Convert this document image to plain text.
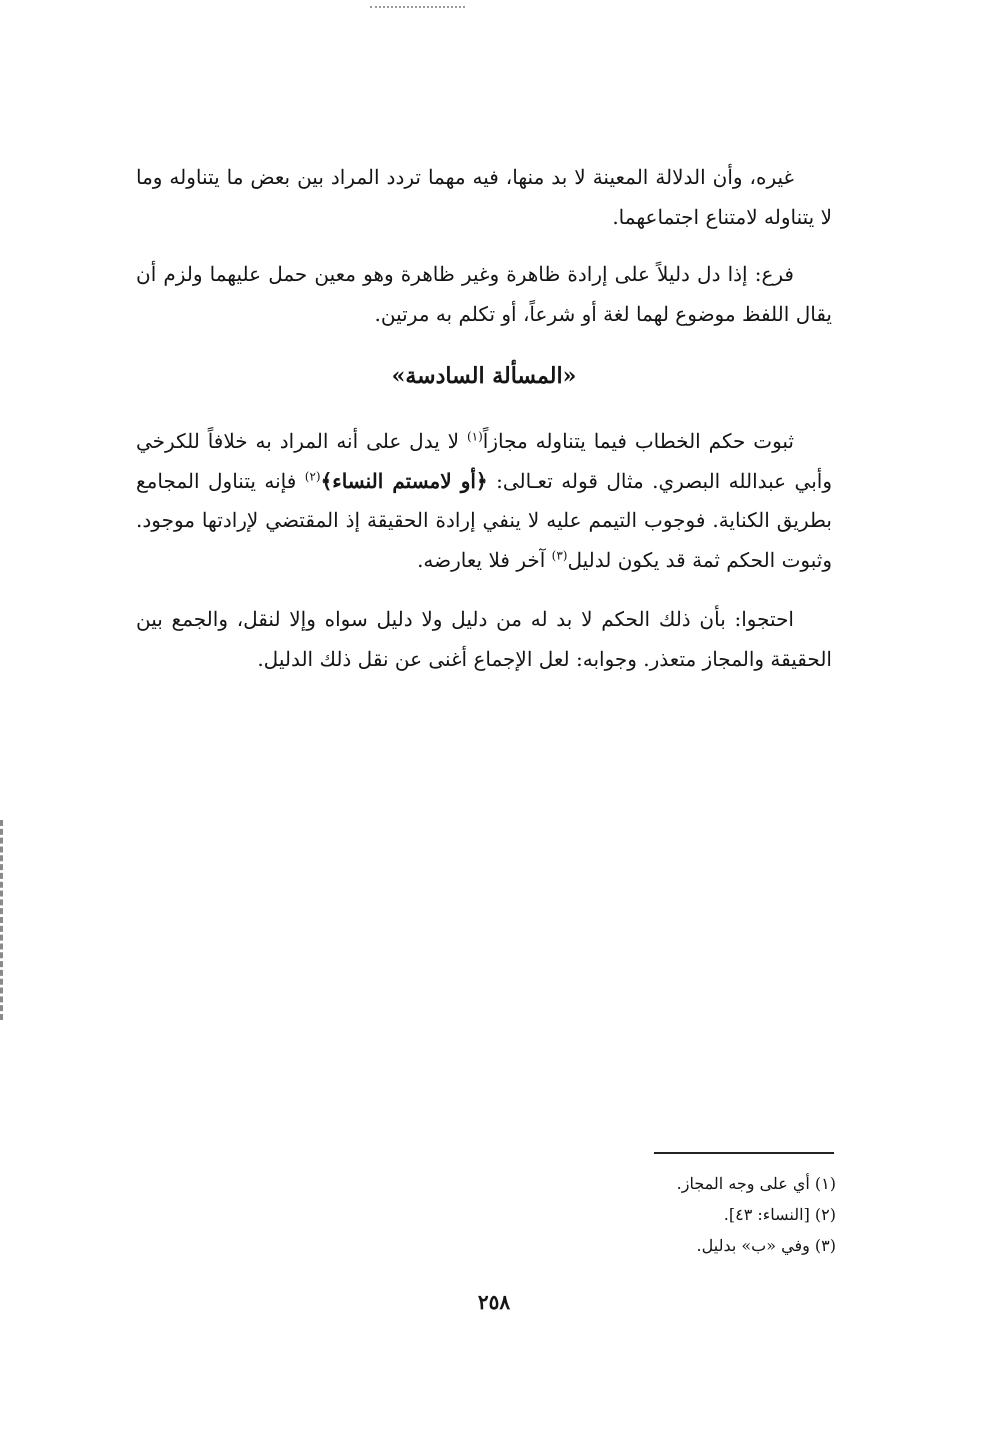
غيره، وأن الدلالة المعينة لا بد منها، فيه مهما تردد المراد بين بعض ما يتناوله وما لا يتناوله لامتناع اجتماعهما.

فرع: إذا دل دليلاً على إرادة ظاهرة وغير ظاهرة وهو معين حمل عليهما ولزم أن يقال اللفظ موضوع لهما لغة أو شرعاً، أو تكلم به مرتين.

«المسألة السادسة»

ثبوت حكم الخطاب فيما يتناوله مجازاً$^{(١)}$ لا يدل على أنه المراد به خلافاً للكرخي وأبي عبدالله البصري. مثال قوله تعـالى: ﴿أو لامستم النساء﴾$^{(٢)}$ فإنه يتناول المجامع بطريق الكناية. فوجوب التيمم عليه لا ينفي إرادة الحقيقة إذ المقتضي لإرادتها موجود. وثبوت الحكم ثمة قد يكون لدليل$^{(٣)}$ آخر فلا يعارضه.

احتجوا: بأن ذلك الحكم لا بد له من دليل ولا دليل سواه وإلا لنقل، والجمع بين الحقيقة والمجاز متعذر. وجوابه: لعل الإجماع أغنى عن نقل ذلك الدليل.

(١) أي على وجه المجاز.
(٢) [النساء: ٤٣].
(٣) وفي «ب» بدليل.
٢٥٨
